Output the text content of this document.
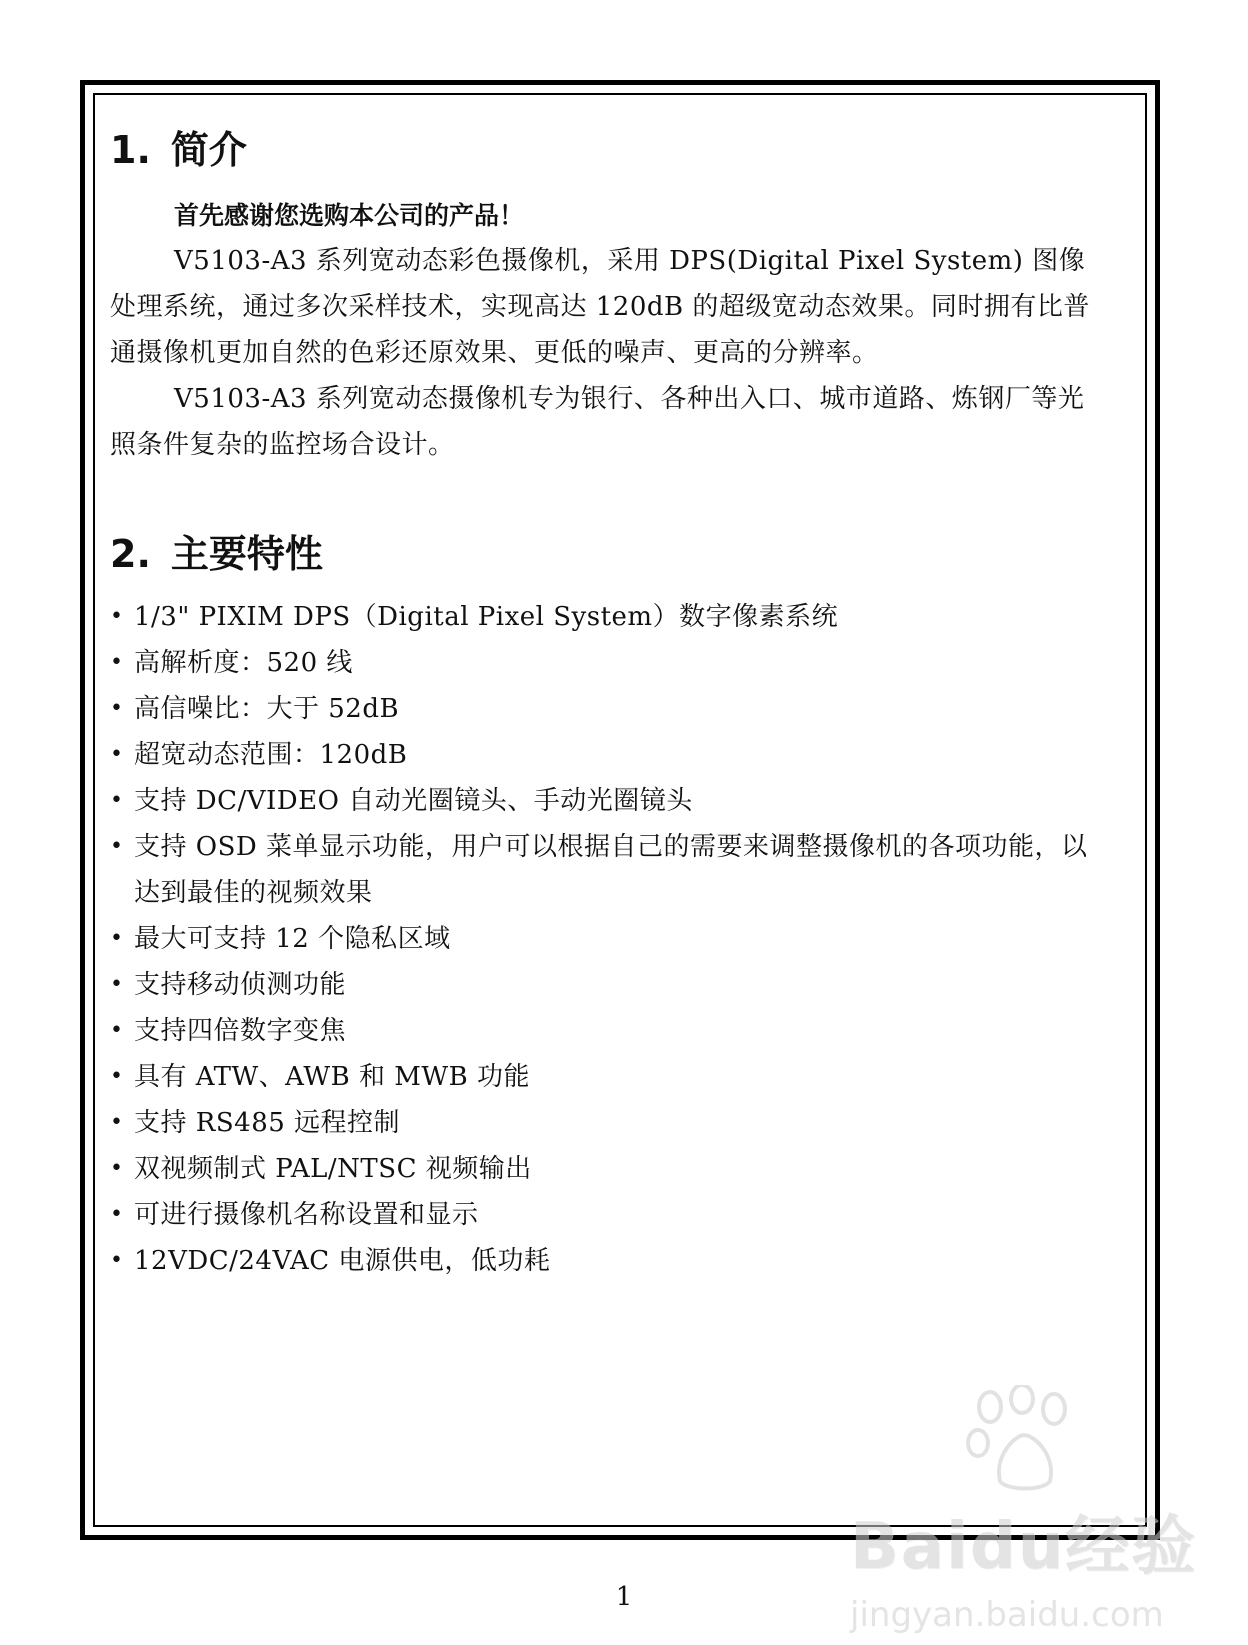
1. 简介

首先感谢您选购本公司的产品！

V5103-A3 系列宽动态彩色摄像机，采用 DPS(Digital Pixel System) 图像处理系统，通过多次采样技术，实现高达 120dB 的超级宽动态效果。同时拥有比普通摄像机更加自然的色彩还原效果、更低的噪声、更高的分辨率。

V5103-A3 系列宽动态摄像机专为银行、各种出入口、城市道路、炼钢厂等光照条件复杂的监控场合设计。

2. 主要特性
• 1/3" PIXIM DPS（Digital Pixel System）数字像素系统
• 高解析度：520 线
• 高信噪比：大于 52dB
• 超宽动态范围：120dB
• 支持 DC/VIDEO 自动光圈镜头、手动光圈镜头
• 支持 OSD 菜单显示功能，用户可以根据自己的需要来调整摄像机的各项功能，以达到最佳的视频效果
• 最大可支持 12 个隐私区域
• 支持移动侦测功能
• 支持四倍数字变焦
• 具有 ATW、AWB 和 MWB 功能
• 支持 RS485 远程控制
• 双视频制式 PAL/NTSC 视频输出
• 可进行摄像机名称设置和显示
• 12VDC/24VAC 电源供电，低功耗
Baidu经验
jingyan.baidu.com
1
